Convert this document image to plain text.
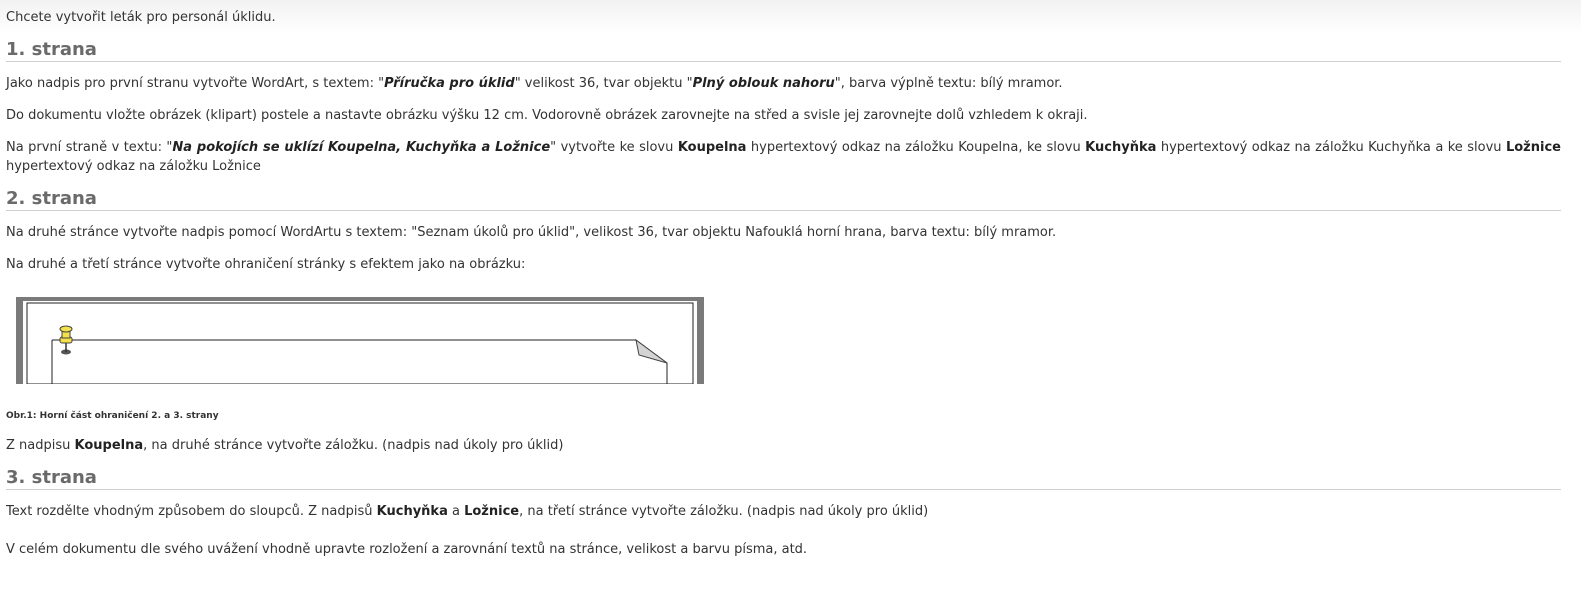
Chcete vytvořit leták pro personál úklidu.

1. strana

Jako nadpis pro první stranu vytvořte WordArt, s textem: "Příručka pro úklid" velikost 36, tvar objektu "Plný oblouk nahoru", barva výplně textu: bílý mramor.

Do dokumentu vložte obrázek (klipart) postele a nastavte obrázku výšku 12 cm. Vodorovně obrázek zarovnejte na střed a svisle jej zarovnejte dolů vzhledem k okraji.

Na první straně v textu: "Na pokojích se uklízí Koupelna, Kuchyňka a Ložnice" vytvořte ke slovu Koupelna hypertextový odkaz na záložku Koupelna, ke slovu Kuchyňka hypertextový odkaz na záložku Kuchyňka a ke slovu Ložnice hypertextový odkaz na záložku Ložnice

2. strana

Na druhé stránce vytvořte nadpis pomocí WordArtu s textem: "Seznam úkolů pro úklid", velikost 36, tvar objektu Nafouklá horní hrana, barva textu: bílý mramor.

Na druhé a třetí stránce vytvořte ohraničení stránky s efektem jako na obrázku:

Obr.1: Horní část ohraničení 2. a 3. strany

Z nadpisu Koupelna, na druhé stránce vytvořte záložku. (nadpis nad úkoly pro úklid)

3. strana

Text rozdělte vhodným způsobem do sloupců. Z nadpisů Kuchyňka a Ložnice, na třetí stránce vytvořte záložku. (nadpis nad úkoly pro úklid)

V celém dokumentu dle svého uvážení vhodně upravte rozložení a zarovnání textů na stránce, velikost a barvu písma, atd.
